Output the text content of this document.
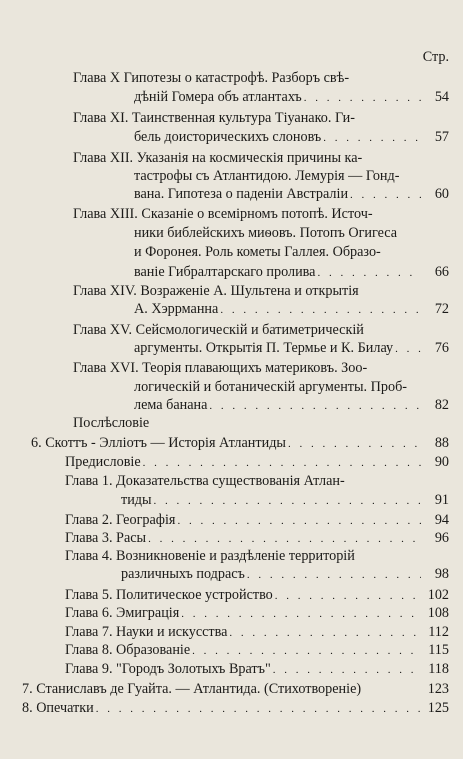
Стр.
Глава X Гипотезы о катастрофѣ. Разборъ свѣ-
дѣній Гомера объ атлантахъ . . .	54
Глава XI. Таинственная культура Тіуанако. Ги-
бель доисторическихъ слоновъ . . .	57
Глава XII. Указанія на космическія причины ка-
тастрофы съ Атлантидою. Лемурія — Гонд-
вана. Гипотеза о паденіи Австраліи . . .	60
Глава XIII. Сказаніе о всемірномъ потопѣ. Источ-
ники библейскихъ миѳовъ. Потопъ Огигеса
и Форонея. Роль кометы Галлея. Образо-
ваніе Гибралтарскаго пролива . . .	66
Глава XIV. Возраженіе А. Шультена и открытія
А. Хэррманна . . .	72
Глава XV. Сейсмологическій и батиметрическій
аргументы. Открытія П. Термье и К. Билау . . .	76
Глава XVI. Теорія плавающихъ материковъ. Зоо-
логическій и ботаническій аргументы. Проб-
лема банана . . .	82
Послѣсловіе
6. Скоттъ - Эллiотъ — Исторія Атлантиды . . .	88
Предисловіе . . .	90
Глава 1. Доказательства существованія Атлан-
тиды . . .	91
Глава 2. Географія . . .	94
Глава 3. Расы . . .	96
Глава 4. Возникновеніе и раздѣленіе территорій
различныхъ подрасъ . . .	98
Глава 5. Политическое устройство . . .	102
Глава 6. Эмиграція . . .	108
Глава 7. Науки и искусства . . .	112
Глава 8. Образованіе . . .	115
Глава 9. "Городъ Золотыхъ Вратъ" . . .	118
7. Станиславъ де Гуайта. — Атлантида. (Стихотвореніе)	123
8. Опечатки . . .	125
